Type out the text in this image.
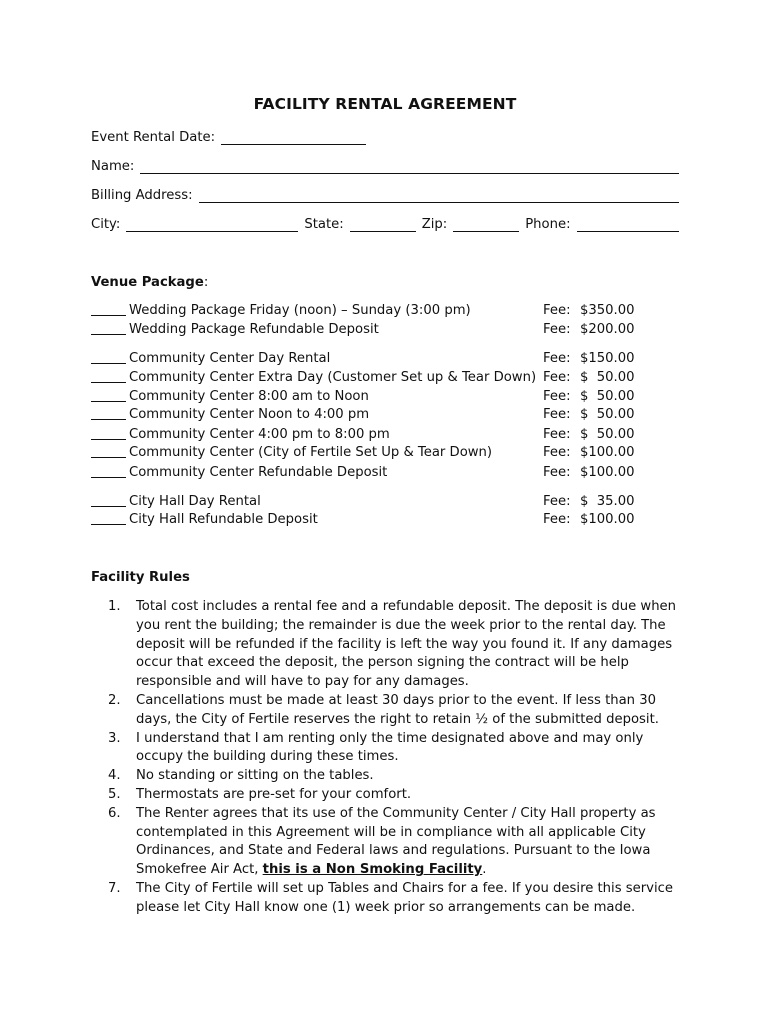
FACILITY RENTAL AGREEMENT
Event Rental Date:
Name:
Billing Address:
City:	State:	Zip:	Phone:
Venue Package:
Wedding Package Friday (noon) – Sunday (3:00 pm)	Fee: $350.00
Wedding Package Refundable Deposit	Fee: $200.00
Community Center Day Rental	Fee: $150.00
Community Center Extra Day (Customer Set up & Tear Down) Fee: $  50.00
Community Center 8:00 am to Noon	Fee: $  50.00
Community Center Noon to 4:00 pm	Fee: $  50.00
Community Center 4:00 pm to 8:00 pm	Fee: $  50.00
Community Center (City of Fertile Set Up & Tear Down)	Fee: $100.00
Community Center Refundable Deposit	Fee: $100.00
City Hall Day Rental	Fee: $  35.00
City Hall Refundable Deposit	Fee: $100.00
Facility Rules
1. Total cost includes a rental fee and a refundable deposit. The deposit is due when you rent the building; the remainder is due the week prior to the rental day. The deposit will be refunded if the facility is left the way you found it. If any damages occur that exceed the deposit, the person signing the contract will be help responsible and will have to pay for any damages.
2. Cancellations must be made at least 30 days prior to the event. If less than 30 days, the City of Fertile reserves the right to retain ½ of the submitted deposit.
3. I understand that I am renting only the time designated above and may only occupy the building during these times.
4. No standing or sitting on the tables.
5. Thermostats are pre-set for your comfort.
6. The Renter agrees that its use of the Community Center / City Hall property as contemplated in this Agreement will be in compliance with all applicable City Ordinances, and State and Federal laws and regulations. Pursuant to the Iowa Smokefree Air Act, this is a Non Smoking Facility.
7. The City of Fertile will set up Tables and Chairs for a fee. If you desire this service please let City Hall know one (1) week prior so arrangements can be made.
